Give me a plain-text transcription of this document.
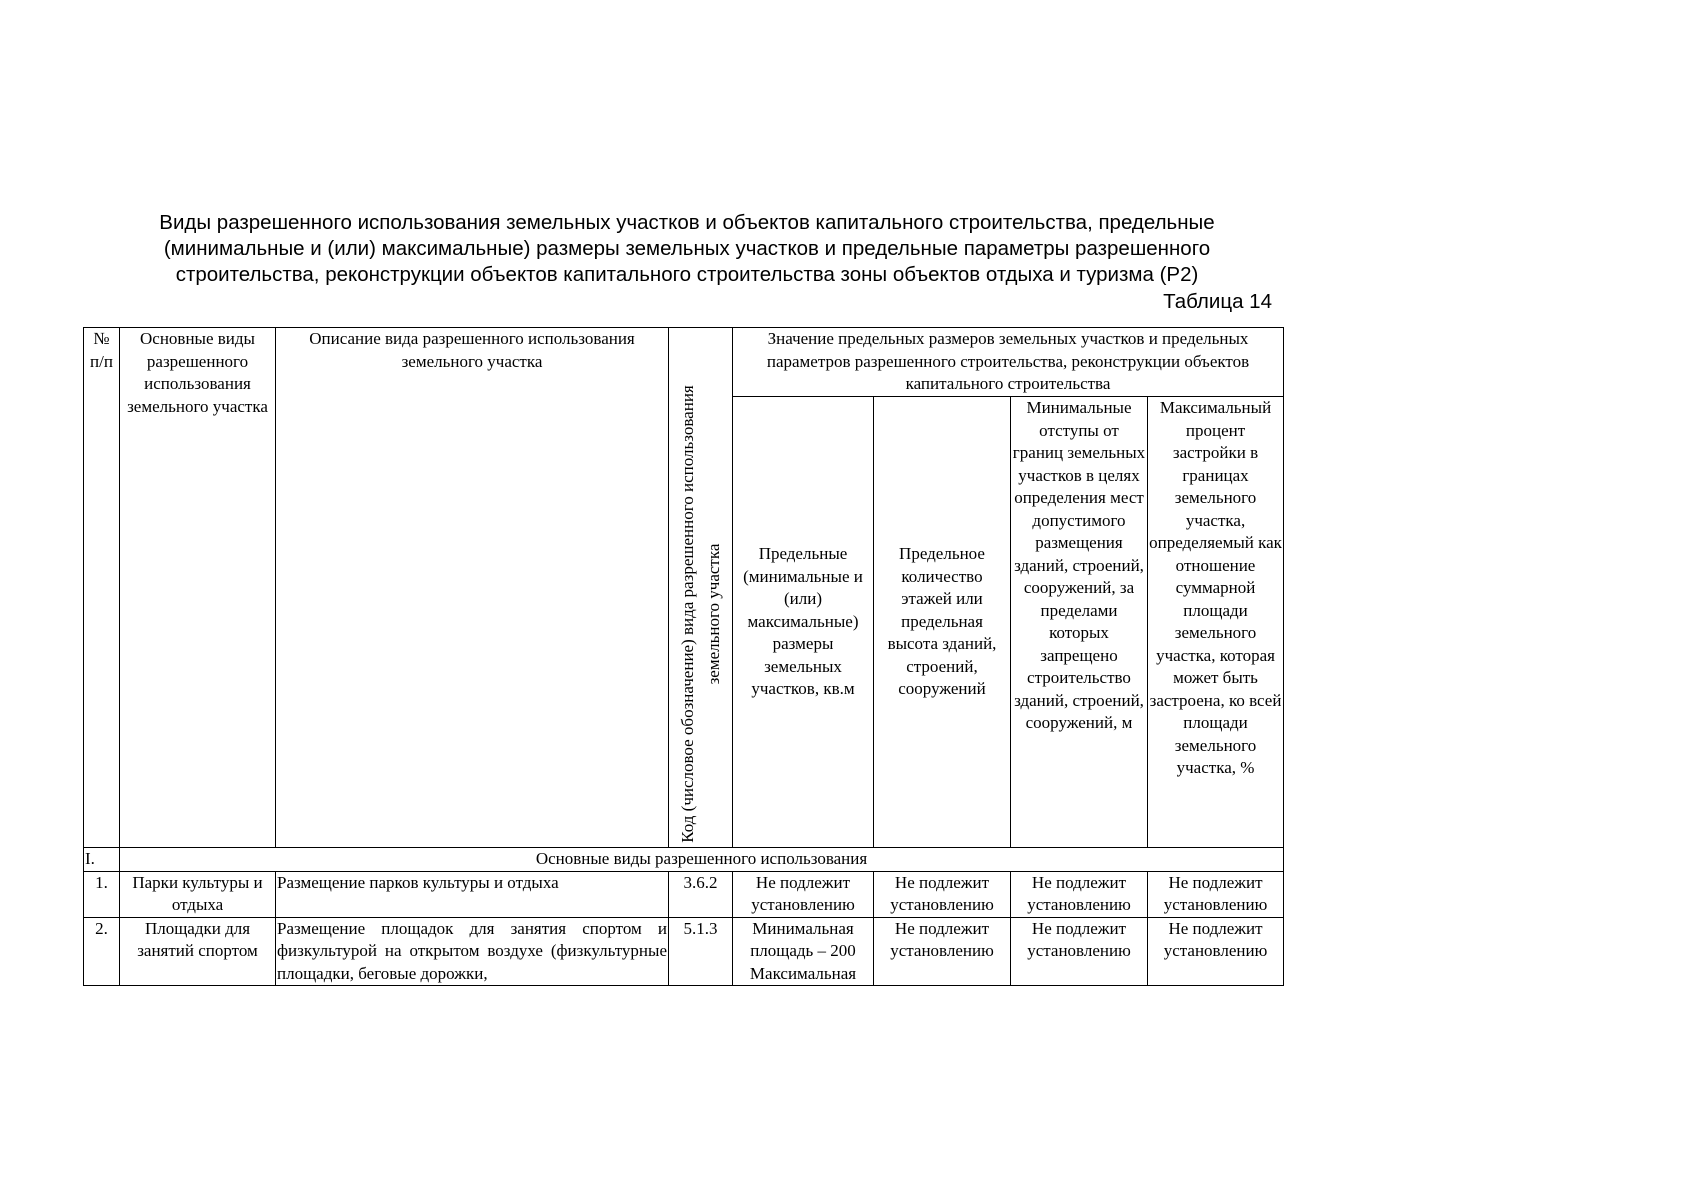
Виды разрешенного использования земельных участков и объектов капитального строительства, предельные
(минимальные и (или) максимальные) размеры земельных участков и предельные параметры разрешенного
строительства, реконструкции объектов капитального строительства зоны объектов отдыха и туризма (Р2)
Таблица 14
№ п/п	Основные виды разрешенного использования земельного участка	Описание вида разрешенного использования земельного участка	Код (числовое обозначение) вида разрешенного использования земельного участка	Значение предельных размеров земельных участков и предельных параметров разрешенного строительства, реконструкции объектов капитального строительства			
				Предельные (минимальные и (или) максимальные) размеры земельных участков, кв.м	Предельное количество этажей или предельная высота зданий, строений, сооружений	Минимальные отступы от границ земельных участков в целях определения мест допустимого размещения зданий, строений, сооружений, за пределами которых запрещено строительство зданий, строений, сооружений, м	Максимальный процент застройки в границах земельного участка, определяемый как отношение суммарной площади земельного участка, которая может быть застроена, ко всей площади земельного участка, %
I.	Основные виды разрешенного использования						
1.	Парки культуры и отдыха	Размещение парков культуры и отдыха	3.6.2	Не подлежит установлению	Не подлежит установлению	Не подлежит установлению	Не подлежит установлению
2.	Площадки для занятий спортом	Размещение площадок для занятия спортом и физкультурой на открытом воздухе (физкультурные площадки, беговые дорожки,	5.1.3	Минимальная площадь – 200 Максимальная	Не подлежит установлению	Не подлежит установлению	Не подлежит установлению
